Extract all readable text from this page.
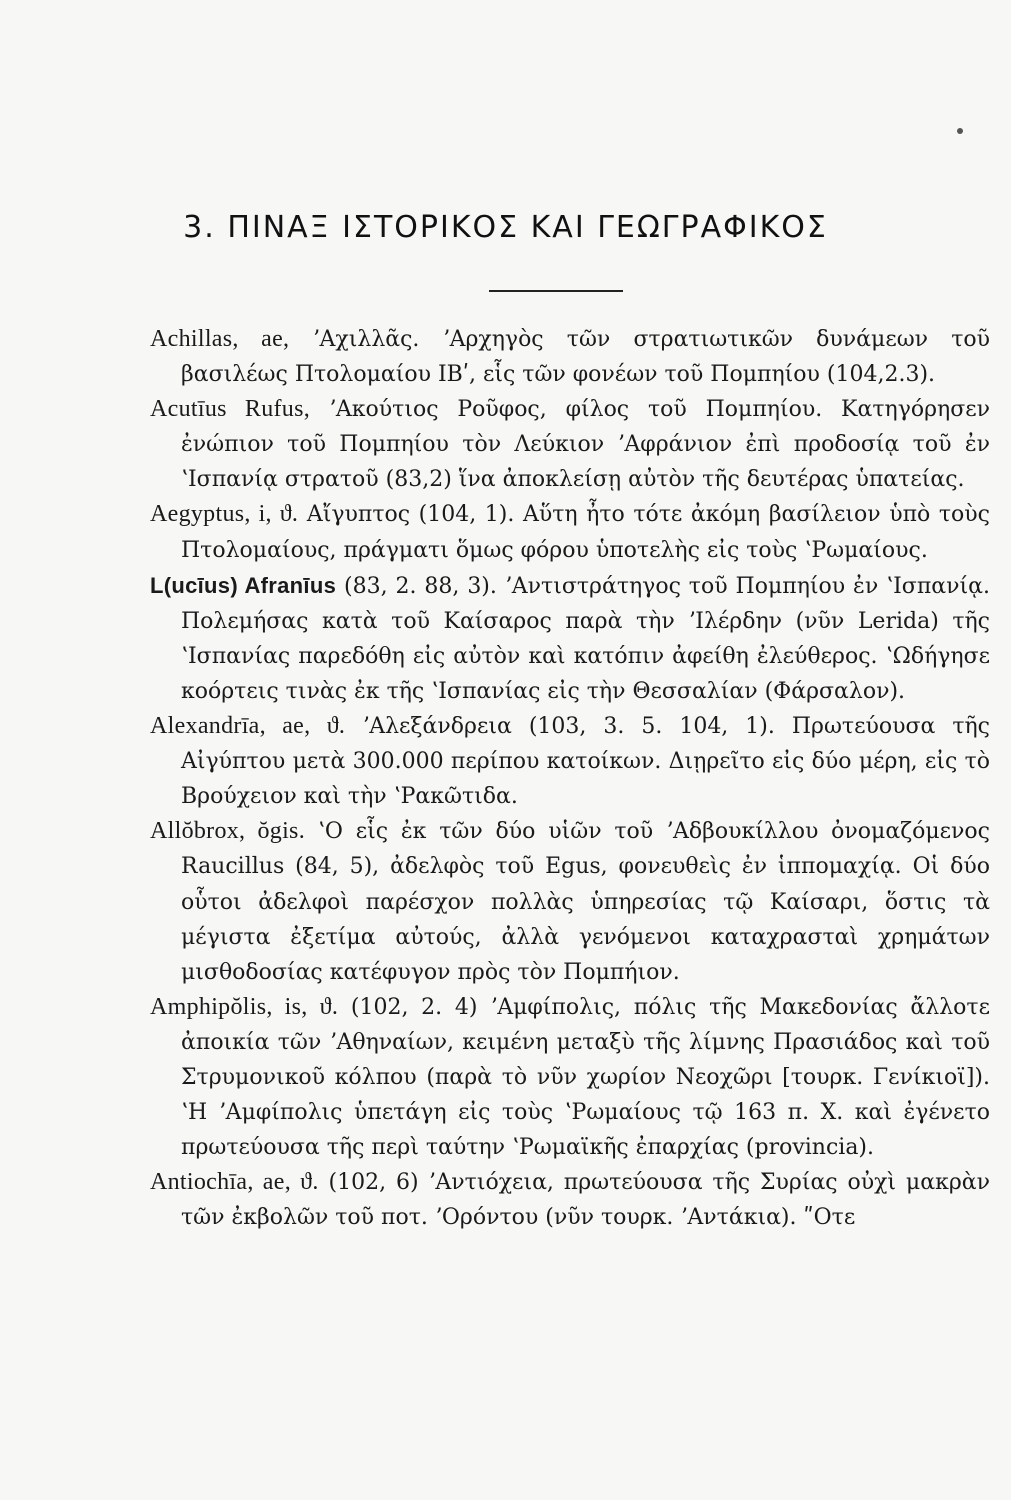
3. ΠΙΝΑΞ ΙΣΤΟΡΙΚΟΣ ΚΑΙ ΓΕΩΓΡΑΦΙΚΟΣ

Achillas, ae, ʼΑχιλλᾶς. ʼΑρχηγὸς τῶν στρατιωτικῶν δυνάμεων τοῦ βασιλέως Πτολομαίου ΙΒʹ, εἷς τῶν φονέων τοῦ Πομπηίου (104,2.3).

Acutīus Rufus, ʼΑκούτιος Ροῦφος, φίλος τοῦ Πομπηίου. Κατηγόρησεν ἐνώπιον τοῦ Πομπηίου τὸν Λεύκιον ʼΑφράνιον ἐπὶ προδοσίᾳ τοῦ ἐν ʽΙσπανίᾳ στρατοῦ (83,2) ἵνα ἀποκλείσῃ αὐτὸν τῆς δευτέρας ὑπατείας.

Aegyptus, i, ϑ. Αἴγυπτος (104, 1). Αὕτη ἦτο τότε ἀκόμη βασίλειον ὑπὸ τοὺς Πτολομαίους, πράγματι ὅμως φόρου ὑποτελὴς εἰς τοὺς ʽΡωμαίους.

L(ucīus) Afranīus (83, 2. 88, 3). ʼΑντιστράτηγος τοῦ Πομπηίου ἐν ʽΙσπανίᾳ. Πολεμήσας κατὰ τοῦ Καίσαρος παρὰ τὴν ʼΙλέρδην (νῦν Lerida) τῆς ʽΙσπανίας παρεδόθη εἰς αὐτὸν καὶ κατόπιν ἀφείθη ἐλεύθερος. ʽΩδήγησε κοόρτεις τινὰς ἐκ τῆς ʽΙσπανίας εἰς τὴν Θεσσαλίαν (Φάρσαλον).

Alexandrīa, ae, ϑ. ʼΑλεξάνδρεια (103, 3. 5. 104, 1). Πρωτεύουσα τῆς Αἰγύπτου μετὰ 300.000 περίπου κατοίκων. Διῃρεῖτο εἰς δύο μέρη, εἰς τὸ Βρούχειον καὶ τὴν ʽΡακῶτιδα.

Allŏbrox, ŏgis. ʽΟ εἷς ἐκ τῶν δύο υἱῶν τοῦ ʼΑδβουκίλλου ὀνομαζόμενος Raucillus (84, 5), ἀδελφὸς τοῦ Egus, φονευθεὶς ἐν ἱππομαχίᾳ. Οἱ δύο οὗτοι ἀδελφοὶ παρέσχον πολλὰς ὑπηρεσίας τῷ Καίσαρι, ὅστις τὰ μέγιστα ἐξετίμα αὐτούς, ἀλλὰ γενόμενοι καταχρασταὶ χρημάτων μισθοδοσίας κατέφυγον πρὸς τὸν Πομπήιον.

Amphipŏlis, is, ϑ. (102, 2. 4) ʼΑμφίπολις, πόλις τῆς Μακεδονίας ἄλλοτε ἀποικία τῶν ʼΑθηναίων, κειμένη μεταξὺ τῆς λίμνης Πρασιάδος καὶ τοῦ Στρυμονικοῦ κόλπου (παρὰ τὸ νῦν χωρίον Νεοχῶρι [τουρκ. Γενίκιοϊ]). ʽΗ ʼΑμφίπολις ὑπετάγη εἰς τοὺς ʽΡωμαίους τῷ 163 π. Χ. καὶ ἐγένετο πρωτεύουσα τῆς περὶ ταύτην ʽΡωμαϊκῆς ἐπαρχίας (provincia).

Antiochīa, ae, ϑ. (102, 6) ʼΑντιόχεια, πρωτεύουσα τῆς Συρίας οὐχὶ μακρὰν τῶν ἐκβολῶν τοῦ ποτ. ʼΟρόντου (νῦν τουρκ. ʼΑντάκια). ʺΟτε
